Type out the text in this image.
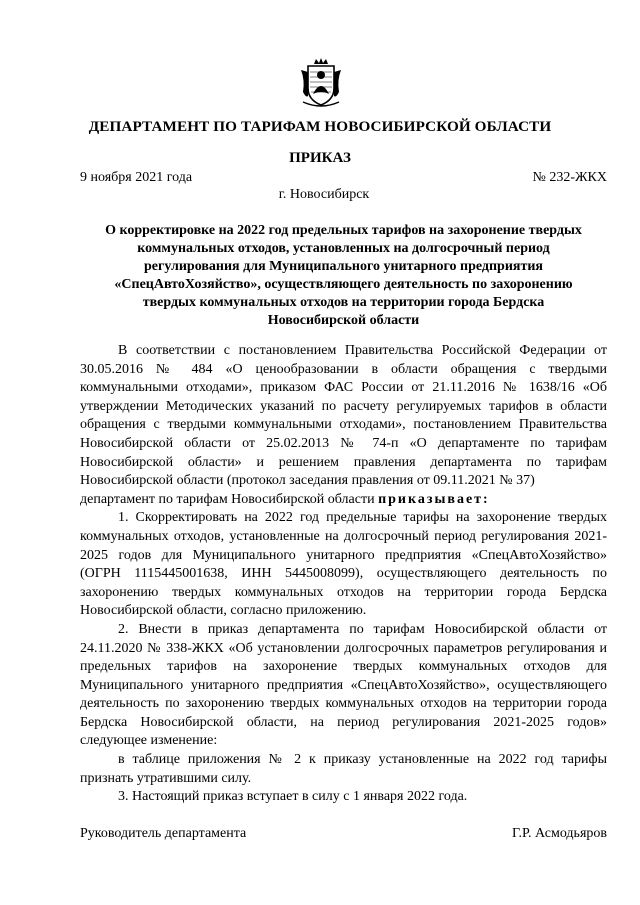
ДЕПАРТАМЕНТ ПО ТАРИФАМ НОВОСИБИРСКОЙ ОБЛАСТИ
ПРИКАЗ
9 ноября 2021 года	№ 232-ЖКХ
г. Новосибирск
О корректировке на 2022 год предельных тарифов на захоронение твердых
коммунальных отходов, установленных на долгосрочный период
регулирования для Муниципального унитарного предприятия
«СпецАвтоХозяйство», осуществляющего деятельность по захоронению
твердых коммунальных отходов на территории города Бердска
Новосибирской области

В соответствии с постановлением Правительства Российской Федерации от 30.05.2016 № 484 «О ценообразовании в области обращения с твердыми коммунальными отходами», приказом ФАС России от 21.11.2016 № 1638/16 «Об утверждении Методических указаний по расчету регулируемых тарифов в области обращения с твердыми коммунальными отходами», постановлением Правительства Новосибирской области от 25.02.2013 № 74-п «О департаменте по тарифам Новосибирской области» и решением правления департамента по тарифам Новосибирской области (протокол заседания правления от 09.11.2021 № 37)

департамент по тарифам Новосибирской области приказывает:

1. Скорректировать на 2022 год предельные тарифы на захоронение твердых коммунальных отходов, установленные на долгосрочный период регулирования 2021-2025 годов для Муниципального унитарного предприятия «СпецАвтоХозяйство» (ОГРН 1115445001638, ИНН 5445008099), осуществляющего деятельность по захоронению твердых коммунальных отходов на территории города Бердска Новосибирской области, согласно приложению.

2. Внести в приказ департамента по тарифам Новосибирской области от 24.11.2020 № 338-ЖКХ «Об установлении долгосрочных параметров регулирования и предельных тарифов на захоронение твердых коммунальных отходов для Муниципального унитарного предприятия «СпецАвтоХозяйство», осуществляющего деятельность по захоронению твердых коммунальных отходов на территории города Бердска Новосибирской области, на период регулирования 2021-2025 годов» следующее изменение:

в таблице приложения № 2 к приказу установленные на 2022 год тарифы признать утратившими силу.

3. Настоящий приказ вступает в силу с 1 января 2022 года.

Руководитель департамента	Г.Р. Асмодьяров
